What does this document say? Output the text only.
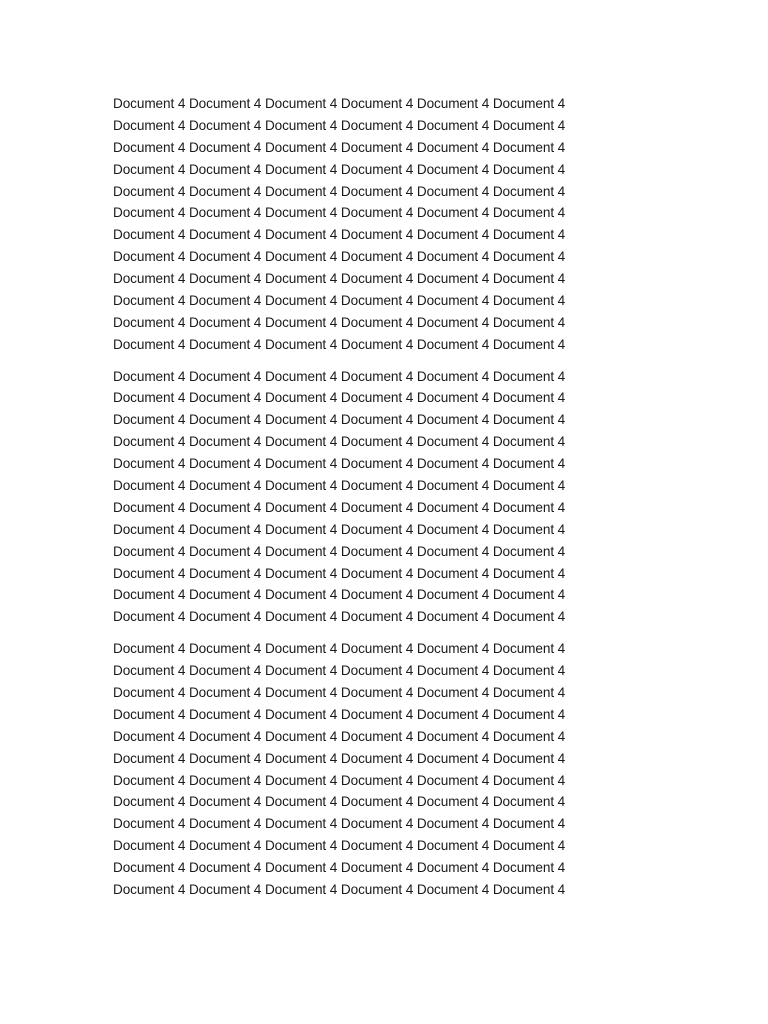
Document 4 Document 4 Document 4 Document 4 Document 4 Document 4
Document 4 Document 4 Document 4 Document 4 Document 4 Document 4
Document 4 Document 4 Document 4 Document 4 Document 4 Document 4
Document 4 Document 4 Document 4 Document 4 Document 4 Document 4
Document 4 Document 4 Document 4 Document 4 Document 4 Document 4
Document 4 Document 4 Document 4 Document 4 Document 4 Document 4
Document 4 Document 4 Document 4 Document 4 Document 4 Document 4
Document 4 Document 4 Document 4 Document 4 Document 4 Document 4
Document 4 Document 4 Document 4 Document 4 Document 4 Document 4
Document 4 Document 4 Document 4 Document 4 Document 4 Document 4
Document 4 Document 4 Document 4 Document 4 Document 4 Document 4
Document 4 Document 4 Document 4 Document 4 Document 4 Document 4

Document 4 Document 4 Document 4 Document 4 Document 4 Document 4
Document 4 Document 4 Document 4 Document 4 Document 4 Document 4
Document 4 Document 4 Document 4 Document 4 Document 4 Document 4
Document 4 Document 4 Document 4 Document 4 Document 4 Document 4
Document 4 Document 4 Document 4 Document 4 Document 4 Document 4
Document 4 Document 4 Document 4 Document 4 Document 4 Document 4
Document 4 Document 4 Document 4 Document 4 Document 4 Document 4
Document 4 Document 4 Document 4 Document 4 Document 4 Document 4
Document 4 Document 4 Document 4 Document 4 Document 4 Document 4
Document 4 Document 4 Document 4 Document 4 Document 4 Document 4
Document 4 Document 4 Document 4 Document 4 Document 4 Document 4
Document 4 Document 4 Document 4 Document 4 Document 4 Document 4

Document 4 Document 4 Document 4 Document 4 Document 4 Document 4
Document 4 Document 4 Document 4 Document 4 Document 4 Document 4
Document 4 Document 4 Document 4 Document 4 Document 4 Document 4
Document 4 Document 4 Document 4 Document 4 Document 4 Document 4
Document 4 Document 4 Document 4 Document 4 Document 4 Document 4
Document 4 Document 4 Document 4 Document 4 Document 4 Document 4
Document 4 Document 4 Document 4 Document 4 Document 4 Document 4
Document 4 Document 4 Document 4 Document 4 Document 4 Document 4
Document 4 Document 4 Document 4 Document 4 Document 4 Document 4
Document 4 Document 4 Document 4 Document 4 Document 4 Document 4
Document 4 Document 4 Document 4 Document 4 Document 4 Document 4
Document 4 Document 4 Document 4 Document 4 Document 4 Document 4
